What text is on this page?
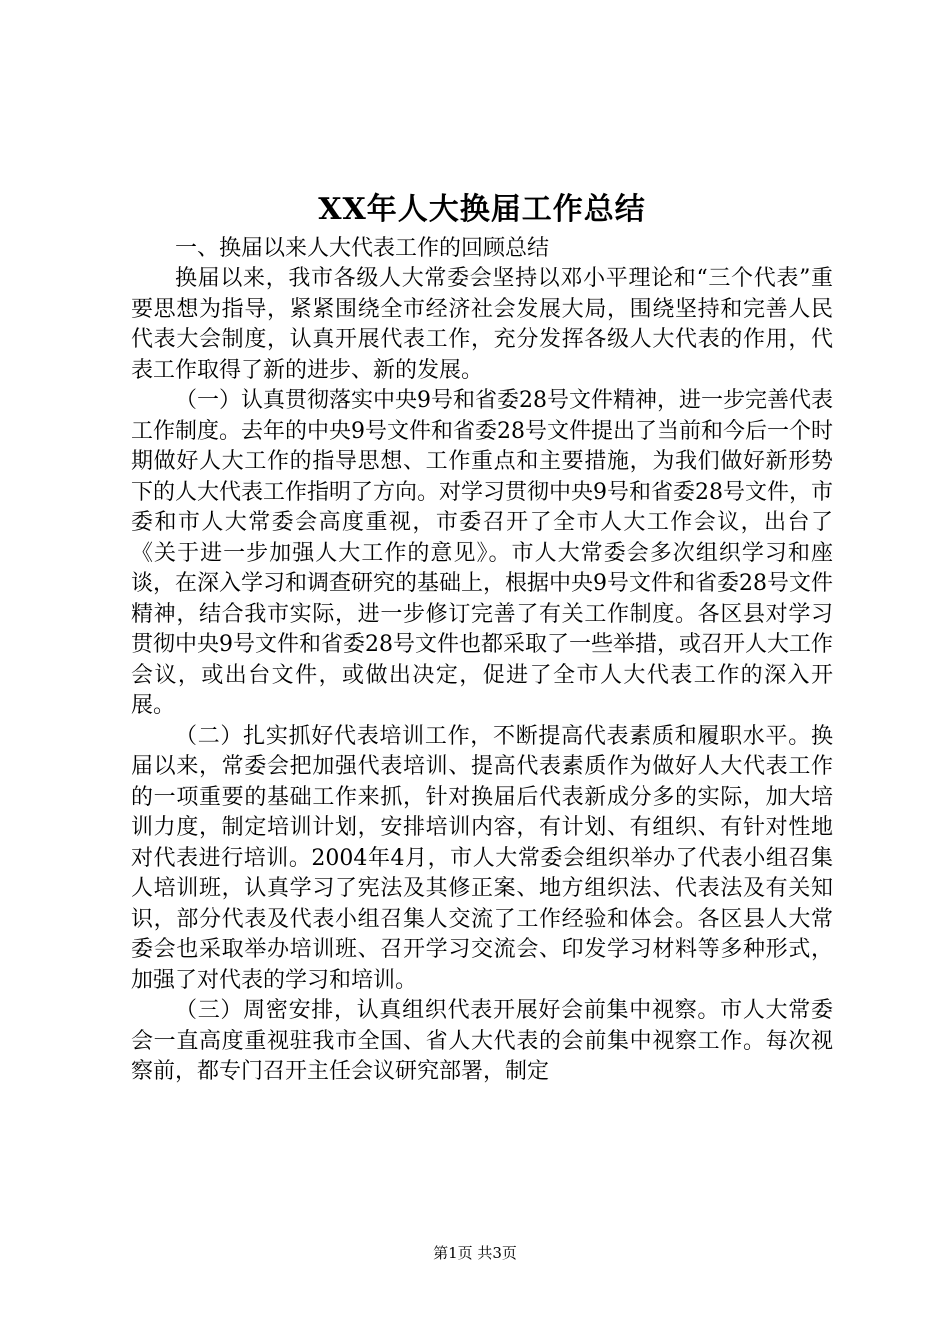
XX年人大换届工作总结

一、换届以来人大代表工作的回顾总结

换届以来，我市各级人大常委会坚持以邓小平理论和“三个代表”重要思想为指导，紧紧围绕全市经济社会发展大局，围绕坚持和完善人民代表大会制度，认真开展代表工作，充分发挥各级人大代表的作用，代表工作取得了新的进步、新的发展。

（一）认真贯彻落实中央9号和省委28号文件精神，进一步完善代表工作制度。去年的中央9号文件和省委28号文件提出了当前和今后一个时期做好人大工作的指导思想、工作重点和主要措施，为我们做好新形势下的人大代表工作指明了方向。对学习贯彻中央9号和省委28号文件，市委和市人大常委会高度重视，市委召开了全市人大工作会议，出台了《关于进一步加强人大工作的意见》。市人大常委会多次组织学习和座谈，在深入学习和调查研究的基础上，根据中央9号文件和省委28号文件精神，结合我市实际，进一步修订完善了有关工作制度。各区县对学习贯彻中央9号文件和省委28号文件也都采取了一些举措，或召开人大工作会议，或出台文件，或做出决定，促进了全市人大代表工作的深入开展。

（二）扎实抓好代表培训工作，不断提高代表素质和履职水平。换届以来，常委会把加强代表培训、提高代表素质作为做好人大代表工作的一项重要的基础工作来抓，针对换届后代表新成分多的实际，加大培训力度，制定培训计划，安排培训内容，有计划、有组织、有针对性地对代表进行培训。2004年4月，市人大常委会组织举办了代表小组召集人培训班，认真学习了宪法及其修正案、地方组织法、代表法及有关知识，部分代表及代表小组召集人交流了工作经验和体会。各区县人大常委会也采取举办培训班、召开学习交流会、印发学习材料等多种形式，加强了对代表的学习和培训。

（三）周密安排，认真组织代表开展好会前集中视察。市人大常委会一直高度重视驻我市全国、省人大代表的会前集中视察工作。每次视察前，都专门召开主任会议研究部署，制定

第1页 共3页
